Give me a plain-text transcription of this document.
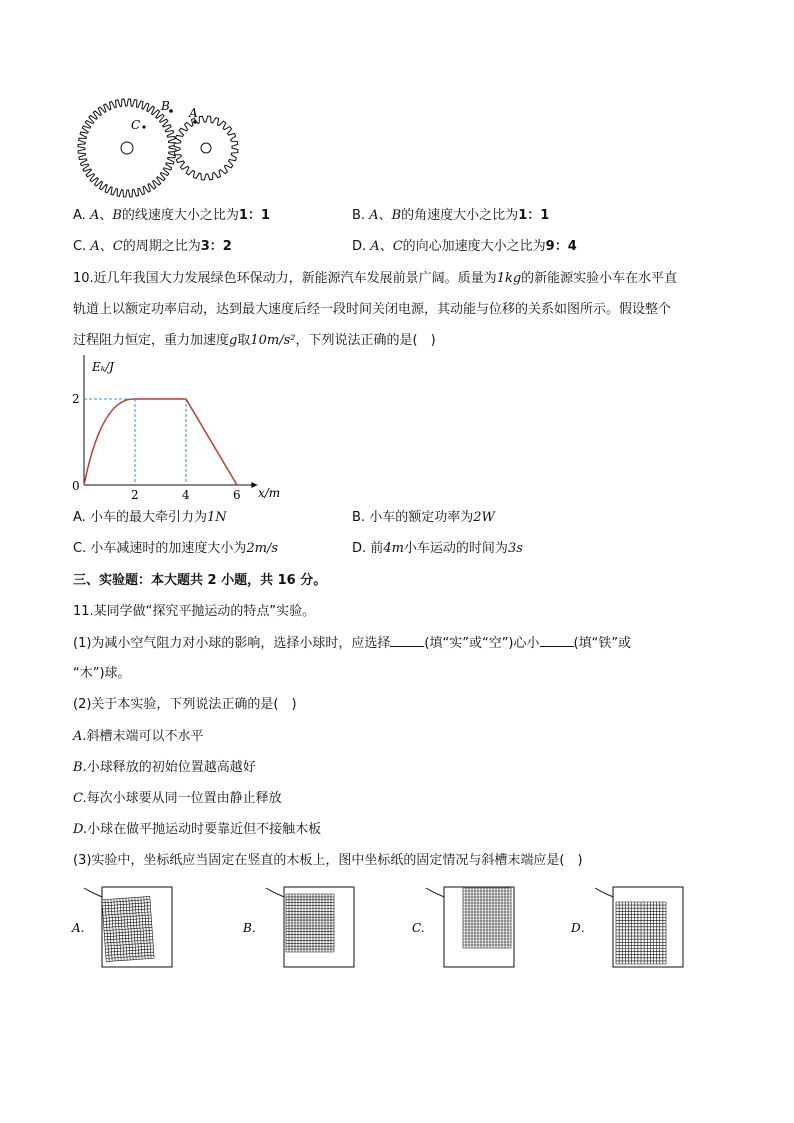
C
B A
A. A、B的线速度大小之比为1：1	B. A、B的角速度大小之比为1：1
C. A、C的周期之比为3：2	D. A、C的向心加速度大小之比为9：4
10.近几年我国大力发展绿色环保动力，新能源汽车发展前景广阔。质量为1kg的新能源实验小车在水平直
轨道上以额定功率启动，达到最大速度后经一段时间关闭电源，其动能与位移的关系如图所示。假设整个
过程阻力恒定，重力加速度g取10m/s²，下列说法正确的是(　)
2
6
4
2
Eₖ/J
x/m
0
A. 小车的最大牵引力为1N	B. 小车的额定功率为2W
C. 小车减速时的加速度大小为2m/s	D. 前4m小车运动的时间为3s
三、实验题：本大题共 2 小题，共 16 分。
11.某同学做“探究平抛运动的特点”实验。
(1)为减小空气阻力对小球的影响，选择小球时，应选择	(填“实”或“空”)心小	(填“铁”或
“木”)球。
(2)关于本实验，下列说法正确的是(　)
A.斜槽末端可以不水平
B.小球释放的初始位置越高越好
C.每次小球要从同一位置由静止释放
D.小球在做平抛运动时要靠近但不接触木板
(3)实验中，坐标纸应当固定在竖直的木板上，图中坐标纸的固定情况与斜槽末端应是(　)
A.	B．	C.	D．
